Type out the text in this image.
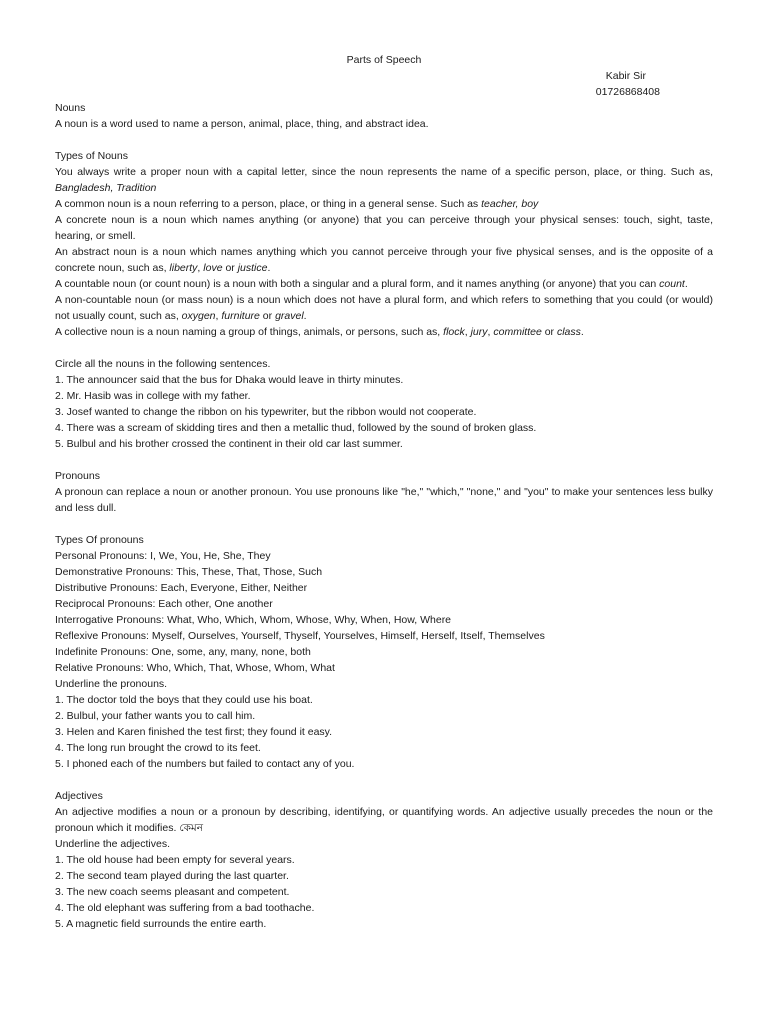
Parts of Speech
Kabir Sir
01726868408
Nouns
A noun is a word used to name a person, animal, place, thing, and abstract idea.
Types of Nouns
You always write a proper noun with a capital letter, since the noun represents the name of a specific person, place, or thing. Such as, Bangladesh, Tradition
A common noun is a noun referring to a person, place, or thing in a general sense. Such as teacher, boy
A concrete noun is a noun which names anything (or anyone) that you can perceive through your physical senses: touch, sight, taste, hearing, or smell.
An abstract noun is a noun which names anything which you cannot perceive through your five physical senses, and is the opposite of a concrete noun, such as, liberty, love or justice.
A countable noun (or count noun) is a noun with both a singular and a plural form, and it names anything (or anyone) that you can count.
A non-countable noun (or mass noun) is a noun which does not have a plural form, and which refers to something that you could (or would) not usually count, such as, oxygen, furniture or gravel.
A collective noun is a noun naming a group of things, animals, or persons, such as, flock, jury, committee or class.
Circle all the nouns in the following sentences.
1. The announcer said that the bus for Dhaka would leave in thirty minutes.
2. Mr. Hasib was in college with my father.
3. Josef wanted to change the ribbon on his typewriter, but the ribbon would not cooperate.
4. There was a scream of skidding tires and then a metallic thud, followed by the sound of broken glass.
5. Bulbul and his brother crossed the continent in their old car last summer.
Pronouns
A pronoun can replace a noun or another pronoun. You use pronouns like "he," "which," "none," and "you" to make your sentences less bulky and less dull.
Types Of pronouns
Personal Pronouns: I, We, You, He, She, They
Demonstrative Pronouns: This, These, That, Those, Such
Distributive Pronouns: Each, Everyone, Either, Neither
Reciprocal Pronouns: Each other, One another
Interrogative Pronouns: What, Who, Which, Whom, Whose, Why, When, How, Where
Reflexive Pronouns: Myself, Ourselves, Yourself, Thyself, Yourselves, Himself, Herself, Itself, Themselves
Indefinite Pronouns: One, some, any, many, none, both
Relative Pronouns: Who, Which, That, Whose, Whom, What
Underline the pronouns.
1. The doctor told the boys that they could use his boat.
2. Bulbul, your father wants you to call him.
3. Helen and Karen finished the test first; they found it easy.
4. The long run brought the crowd to its feet.
5. I phoned each of the numbers but failed to contact any of you.
Adjectives
An adjective modifies a noun or a pronoun by describing, identifying, or quantifying words. An adjective usually precedes the noun or the pronoun which it modifies. কেমন
Underline the adjectives.
1. The old house had been empty for several years.
2. The second team played during the last quarter.
3. The new coach seems pleasant and competent.
4. The old elephant was suffering from a bad toothache.
5. A magnetic field surrounds the entire earth.
